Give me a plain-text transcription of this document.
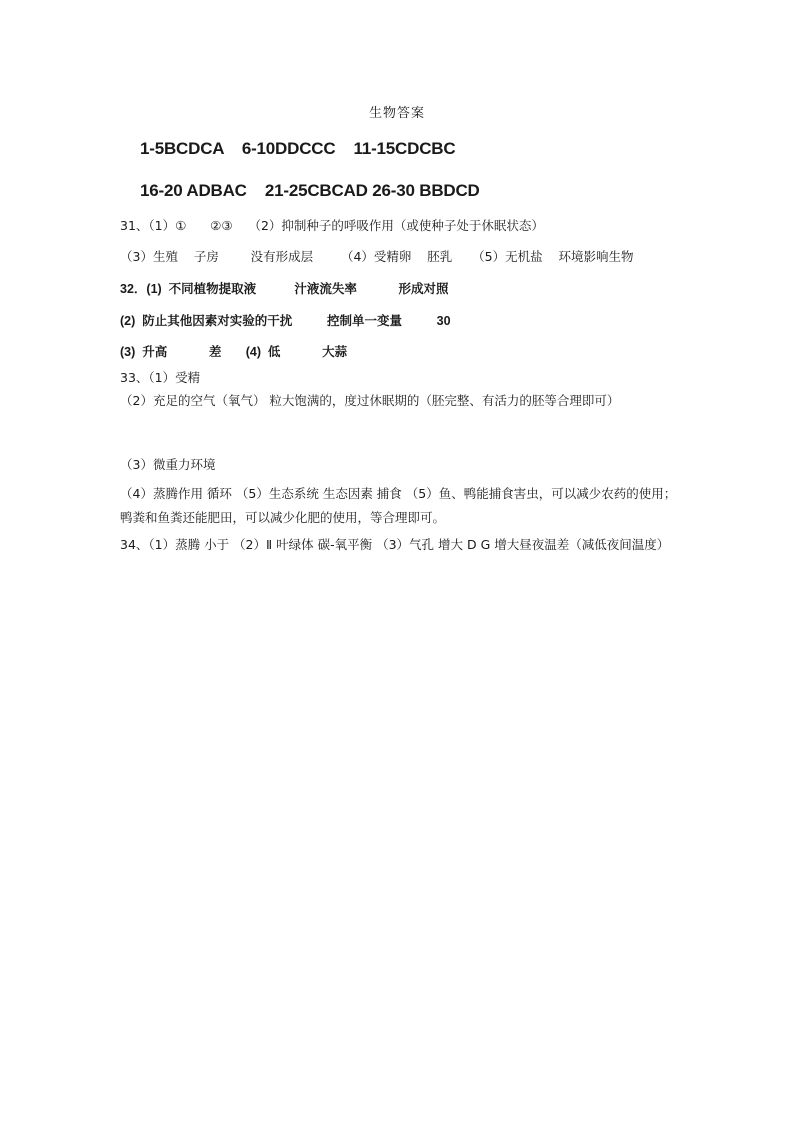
生物答案
1-5BCDCA    6-10DDCCC    11-15CDCBC
16-20 ADBAC    21-25CBCAD 26-30 BBDCD
31、（1）①      ②③    （2）抑制种子的呼吸作用（或使种子处于休眠状态）
（3）生殖    子房        没有形成层       （4）受精卵    胚乳     （5）无机盐    环境影响生物
32．(1)  不同植物提取液           汁液流失率            形成对照
(2)  防止其他因素对实验的干扰          控制单一变量          30
(3)  升高            差       (4)  低            大蒜
33、（1）受精
（2）充足的空气（氧气） 粒大饱满的，度过休眠期的（胚完整、有活力的胚等合理即可）
（3）微重力环境
（4）蒸腾作用 循环 （5）生态系统 生态因素 捕食 （5）鱼、鸭能捕食害虫，可以减少农药的使用；鸭粪和鱼粪还能肥田，可以减少化肥的使用，等合理即可。
34、（1）蒸腾 小于 （2）Ⅱ 叶绿体 碳-氧平衡 （3）气孔 增大 D G 增大昼夜温差（减低夜间温度）
